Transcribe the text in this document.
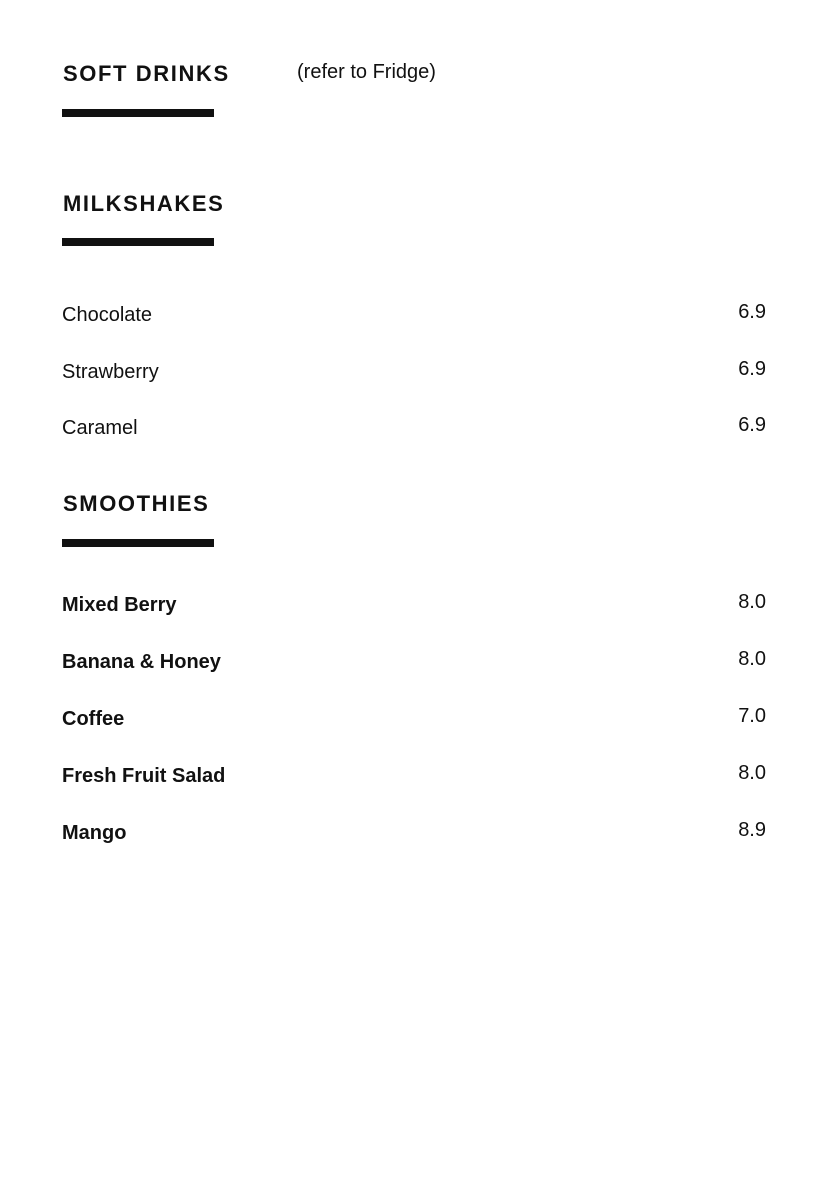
SOFT DRINKS	(refer to Fridge)
MILKSHAKES
Chocolate	6.9
Strawberry	6.9
Caramel	6.9
SMOOTHIES
Mixed Berry	8.0
Banana & Honey	8.0
Coffee	7.0
Fresh Fruit Salad	8.0
Mango	8.9
